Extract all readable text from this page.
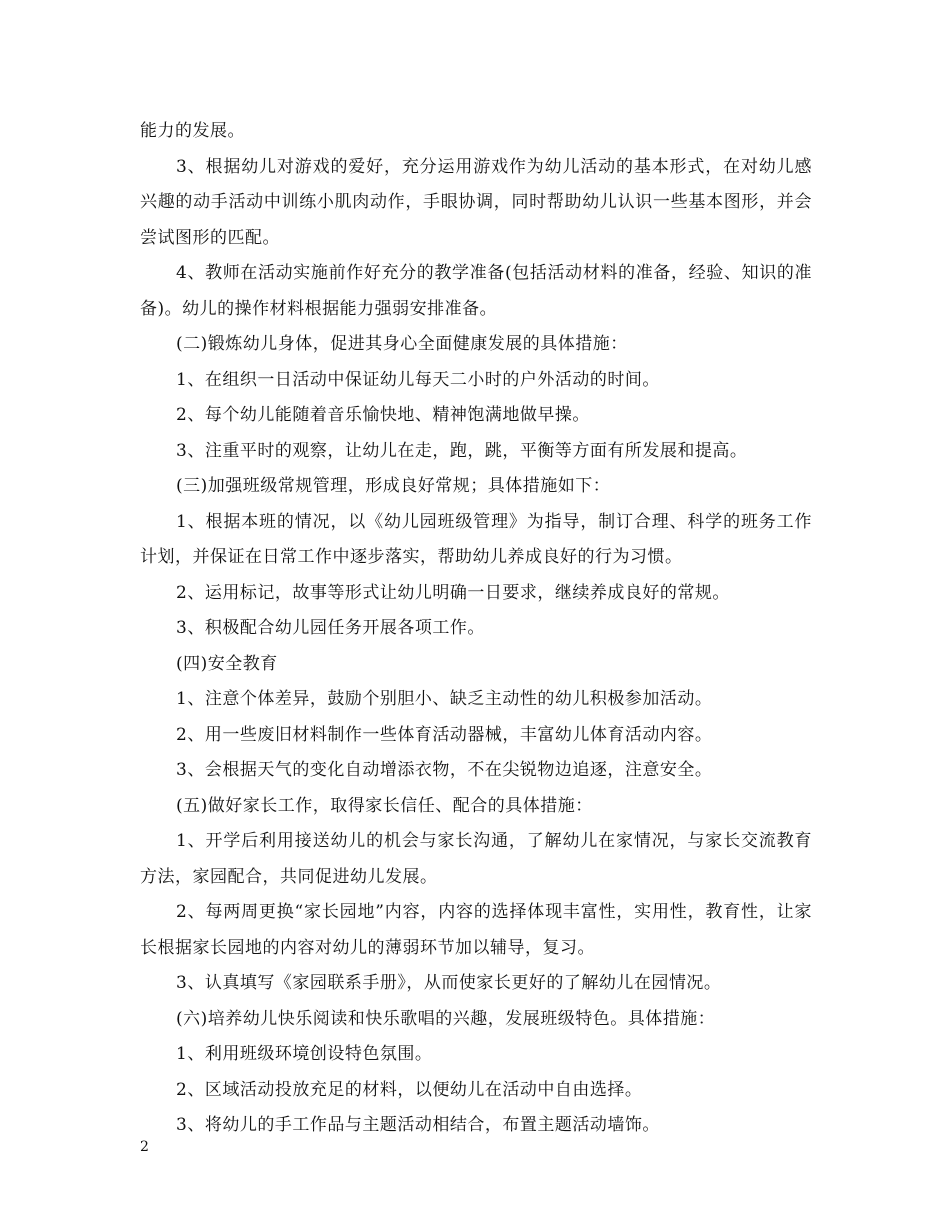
能力的发展。

3、根据幼儿对游戏的爱好，充分运用游戏作为幼儿活动的基本形式，在对幼儿感兴趣的动手活动中训练小肌肉动作，手眼协调，同时帮助幼儿认识一些基本图形，并会尝试图形的匹配。

4、教师在活动实施前作好充分的教学准备(包括活动材料的准备，经验、知识的准备)。幼儿的操作材料根据能力强弱安排准备。

(二)锻炼幼儿身体，促进其身心全面健康发展的具体措施：

1、在组织一日活动中保证幼儿每天二小时的户外活动的时间。

2、每个幼儿能随着音乐愉快地、精神饱满地做早操。

3、注重平时的观察，让幼儿在走，跑，跳，平衡等方面有所发展和提高。

(三)加强班级常规管理，形成良好常规；具体措施如下：

1、根据本班的情况，以《幼儿园班级管理》为指导，制订合理、科学的班务工作计划，并保证在日常工作中逐步落实，帮助幼儿养成良好的行为习惯。

2、运用标记，故事等形式让幼儿明确一日要求，继续养成良好的常规。

3、积极配合幼儿园任务开展各项工作。

(四)安全教育

1、注意个体差异，鼓励个别胆小、缺乏主动性的幼儿积极参加活动。

2、用一些废旧材料制作一些体育活动器械，丰富幼儿体育活动内容。

3、会根据天气的变化自动增添衣物，不在尖锐物边追逐，注意安全。

(五)做好家长工作，取得家长信任、配合的具体措施：

1、开学后利用接送幼儿的机会与家长沟通，了解幼儿在家情况，与家长交流教育方法，家园配合，共同促进幼儿发展。

2、每两周更换“家长园地”内容，内容的选择体现丰富性，实用性，教育性，让家长根据家长园地的内容对幼儿的薄弱环节加以辅导，复习。

3、认真填写《家园联系手册》，从而使家长更好的了解幼儿在园情况。

(六)培养幼儿快乐阅读和快乐歌唱的兴趣，发展班级特色。具体措施：

1、利用班级环境创设特色氛围。

2、区域活动投放充足的材料，以便幼儿在活动中自由选择。

3、将幼儿的手工作品与主题活动相结合，布置主题活动墙饰。

2
